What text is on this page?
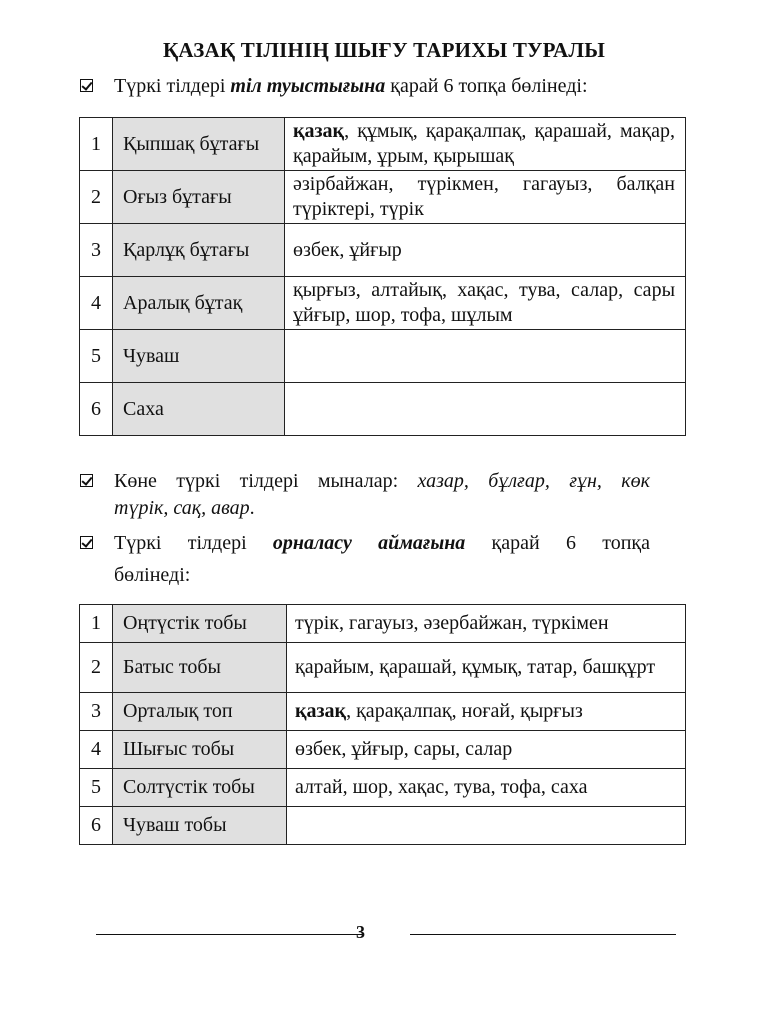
ҚАЗАҚ ТІЛІНІҢ ШЫҒУ ТАРИХЫ ТУРАЛЫ
Түркі тілдері тіл туыстығына қарай 6 топқа бөлінеді:
1	Қыпшақ бұтағы	қазақ, құмық, қарақалпақ, қарашай, мақар, қарайым, ұрым, қырышақ
2	Оғыз бұтағы	әзірбайжан, түрікмен, гагауыз, балқан түріктері, түрік
3	Қарлұқ бұтағы	өзбек, ұйғыр
4	Аралық бұтақ	қырғыз, алтайық, хақас, тува, салар, сары ұйғыр, шор, тофа, шұлым
5	Чуваш	
6	Саха	
Көне түркі тілдері мыналар: хазар, бұлғар, ғұн, көк
түрік, сақ, авар.
Түркі тілдері орналасу аймағына қарай 6 топқа
бөлінеді:
1	Оңтүстік тобы	түрік, гагауыз, әзербайжан, түркімен
2	Батыс тобы	қарайым, қарашай, құмық, татар, башқұрт
3	Орталық топ	қазақ, қарақалпақ, ноғай, қырғыз
4	Шығыс тобы	өзбек, ұйғыр, сары, салар
5	Солтүстік тобы	алтай, шор, хақас, тува, тофа, саха
6	Чуваш тобы	
3
